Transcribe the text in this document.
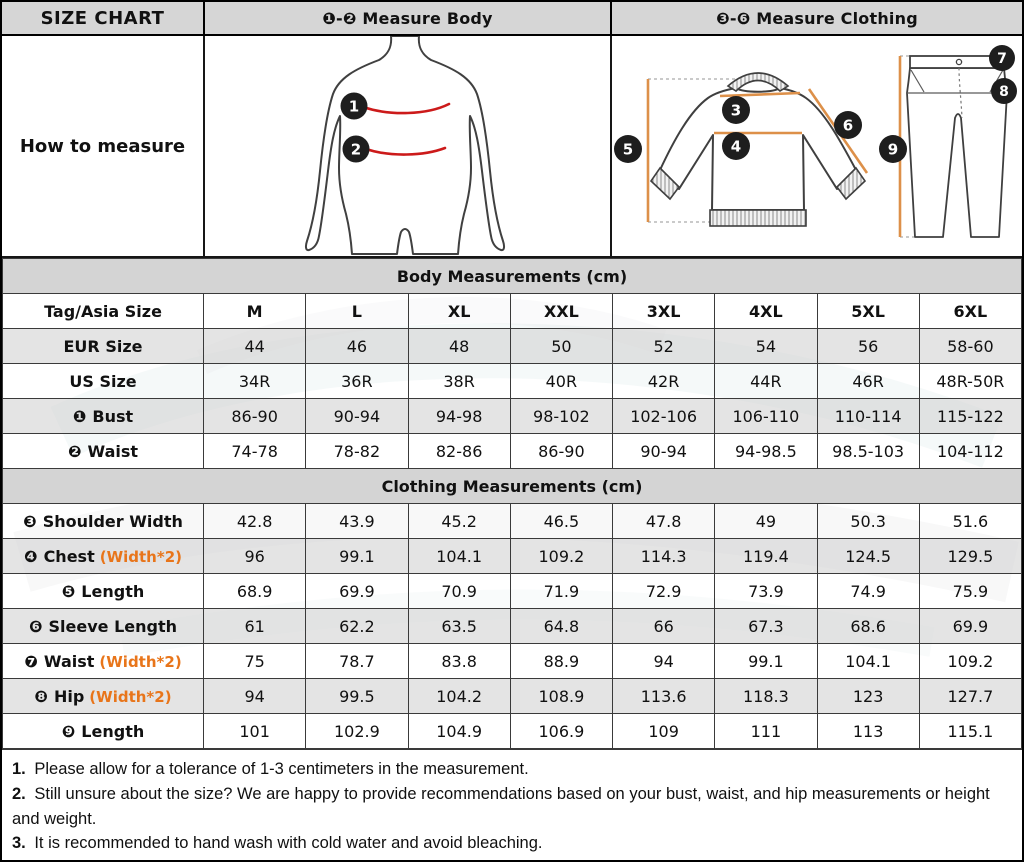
SIZE CHART	❶-❷ Measure Body	❸-❻ Measure Clothing
How to measure
1
2
3
4
5
6
7
8
9
Body Measurements (cm)								
Tag/Asia Size	M	L	XL	XXL	3XL	4XL	5XL	6XL
EUR Size	44	46	48	50	52	54	56	58-60
US Size	34R	36R	38R	40R	42R	44R	46R	48R-50R
❶ Bust	86-90	90-94	94-98	98-102	102-106	106-110	110-114	115-122
❷ Waist	74-78	78-82	82-86	86-90	90-94	94-98.5	98.5-103	104-112
Clothing Measurements (cm)								
❸ Shoulder Width	42.8	43.9	45.2	46.5	47.8	49	50.3	51.6
❹ Chest (Width*2)	96	99.1	104.1	109.2	114.3	119.4	124.5	129.5
❺ Length	68.9	69.9	70.9	71.9	72.9	73.9	74.9	75.9
❻ Sleeve Length	61	62.2	63.5	64.8	66	67.3	68.6	69.9
❼ Waist (Width*2)	75	78.7	83.8	88.9	94	99.1	104.1	109.2
❽ Hip (Width*2)	94	99.5	104.2	108.9	113.6	118.3	123	127.7
❾ Length	101	102.9	104.9	106.9	109	111	113	115.1
1. Please allow for a tolerance of 1-3 centimeters in the measurement.
2. Still unsure about the size? We are happy to provide recommendations based on your bust, waist, and hip measurements or height and weight.
3. It is recommended to hand wash with cold water and avoid bleaching.
